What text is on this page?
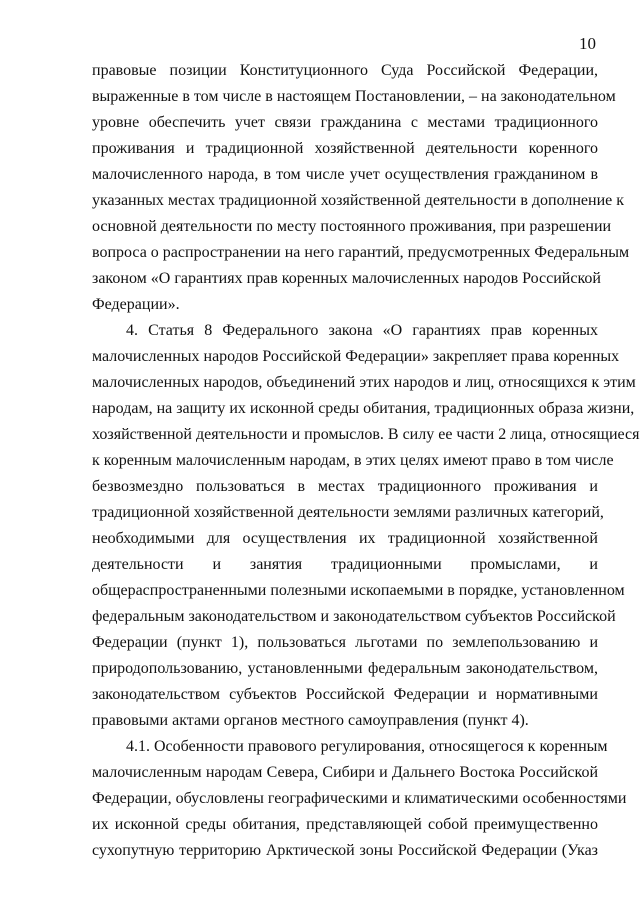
10
правовые позиции Конституционного Суда Российской Федерации,
выраженные в том числе в настоящем Постановлении, – на законодательном
уровне обеспечить учет связи гражданина с местами традиционного
проживания и традиционной хозяйственной деятельности коренного
малочисленного народа, в том числе учет осуществления гражданином в
указанных местах традиционной хозяйственной деятельности в дополнение к
основной деятельности по месту постоянного проживания, при разрешении
вопроса о распространении на него гарантий, предусмотренных Федеральным
законом «О гарантиях прав коренных малочисленных народов Российской
Федерации».
4. Статья 8 Федерального закона «О гарантиях прав коренных
малочисленных народов Российской Федерации» закрепляет права коренных
малочисленных народов, объединений этих народов и лиц, относящихся к этим
народам, на защиту их исконной среды обитания, традиционных образа жизни,
хозяйственной деятельности и промыслов. В силу ее части 2 лица, относящиеся
к коренным малочисленным народам, в этих целях имеют право в том числе
безвозмездно пользоваться в местах традиционного проживания и
традиционной хозяйственной деятельности землями различных категорий,
необходимыми для осуществления их традиционной хозяйственной
деятельности и занятия традиционными промыслами, и
общераспространенными полезными ископаемыми в порядке, установленном
федеральным законодательством и законодательством субъектов Российской
Федерации (пункт 1), пользоваться льготами по землепользованию и
природопользованию, установленными федеральным законодательством,
законодательством субъектов Российской Федерации и нормативными
правовыми актами органов местного самоуправления (пункт 4).
4.1. Особенности правового регулирования, относящегося к коренным
малочисленным народам Севера, Сибири и Дальнего Востока Российской
Федерации, обусловлены географическими и климатическими особенностями
их исконной среды обитания, представляющей собой преимущественно
сухопутную территорию Арктической зоны Российской Федерации (Указ
